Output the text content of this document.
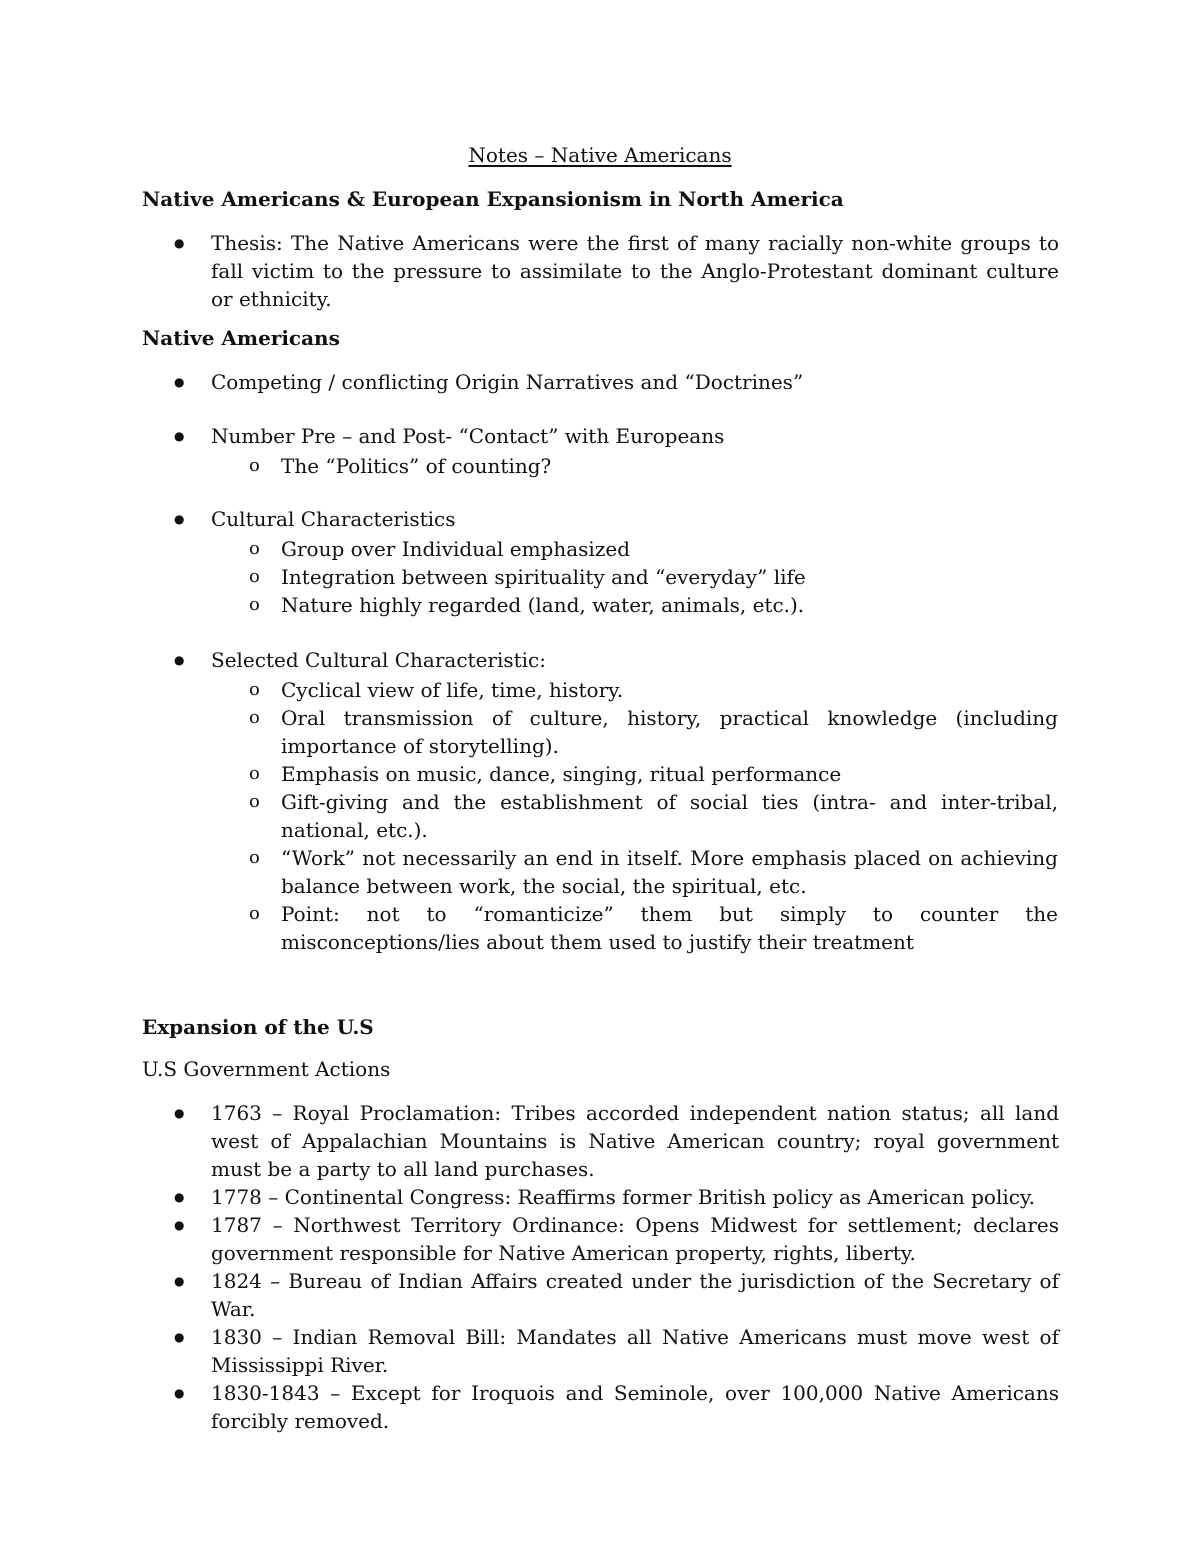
Notes – Native Americans
Native Americans & European Expansionism in North America
● Thesis: The Native Americans were the first of many racially non-white groups to fall victim to the pressure to assimilate to the Anglo-Protestant dominant culture or ethnicity.
Native Americans
● Competing / conflicting Origin Narratives and “Doctrines”
● Number Pre – and Post- “Contact” with Europeans
o The “Politics” of counting?
● Cultural Characteristics
o Group over Individual emphasized
o Integration between spirituality and “everyday” life
o Nature highly regarded (land, water, animals, etc.).
● Selected Cultural Characteristic:
o Cyclical view of life, time, history.
o Oral transmission of culture, history, practical knowledge (including importance of storytelling).
o Emphasis on music, dance, singing, ritual performance
o Gift-giving and the establishment of social ties (intra- and inter-tribal, national, etc.).
o “Work” not necessarily an end in itself. More emphasis placed on achieving balance between work, the social, the spiritual, etc.
o Point: not to “romanticize” them but simply to counter the misconceptions/lies about them used to justify their treatment
Expansion of the U.S
U.S Government Actions
● 1763 – Royal Proclamation: Tribes accorded independent nation status; all land west of Appalachian Mountains is Native American country; royal government must be a party to all land purchases.
● 1778 – Continental Congress: Reaffirms former British policy as American policy.
● 1787 – Northwest Territory Ordinance: Opens Midwest for settlement; declares government responsible for Native American property, rights, liberty.
● 1824 – Bureau of Indian Affairs created under the jurisdiction of the Secretary of War.
● 1830 – Indian Removal Bill: Mandates all Native Americans must move west of Mississippi River.
● 1830-1843 – Except for Iroquois and Seminole, over 100,000 Native Americans forcibly removed.
